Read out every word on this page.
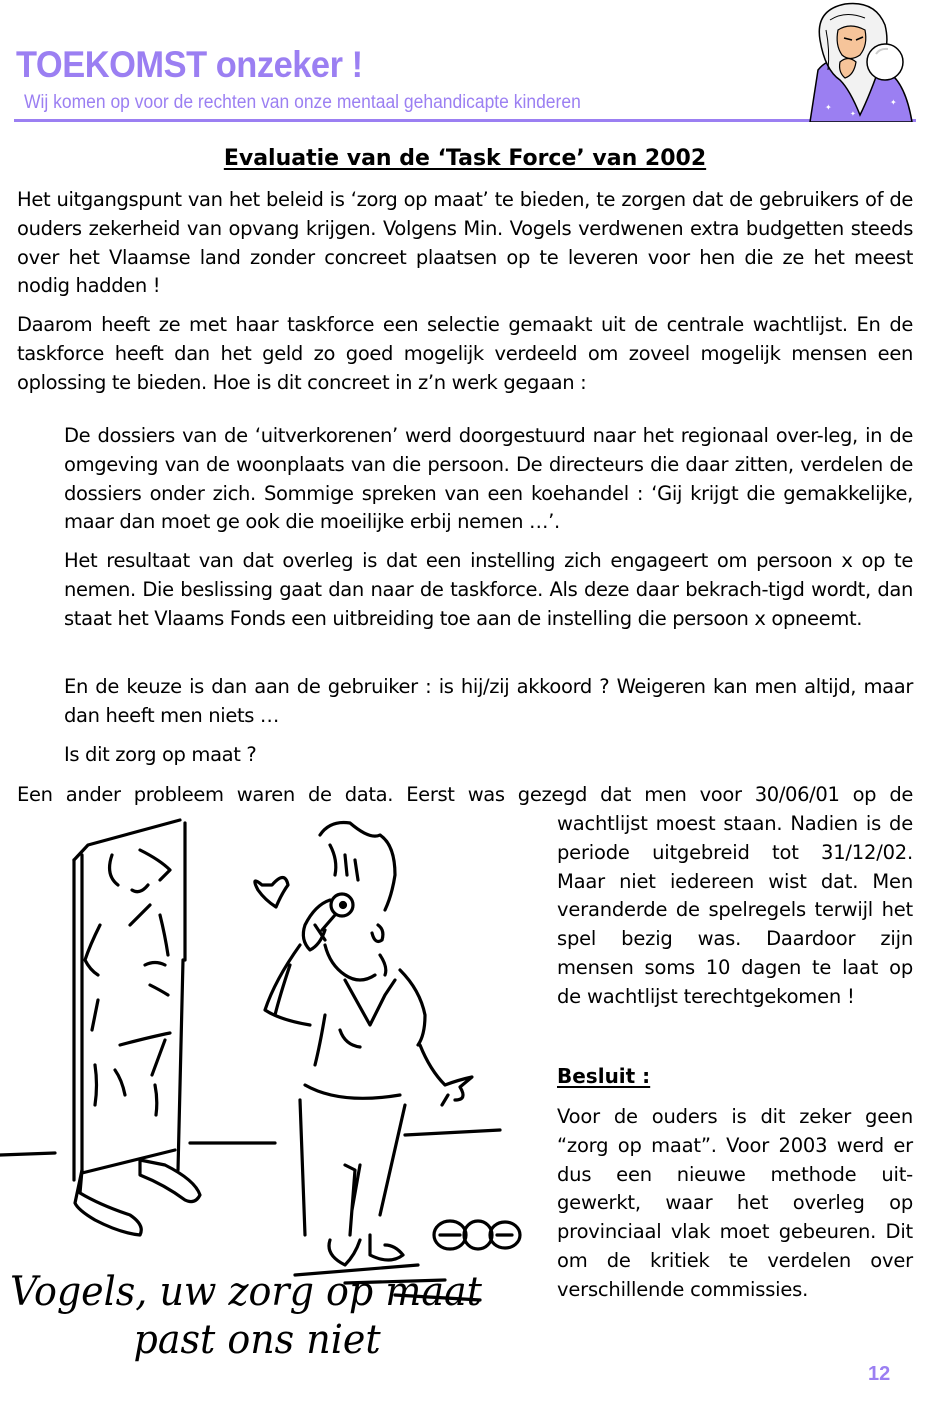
TOEKOMST onzeker !
Wij komen op voor de rechten van onze mentaal gehandicapte kinderen	✦
✦
✦
Evaluatie van de ‘Task Force’ van 2002

Het uitgangspunt van het beleid is ‘zorg op maat’ te bieden, te zorgen dat de gebruikers of de ouders zekerheid van opvang krijgen. Volgens Min. Vogels verdwenen extra budgetten steeds over het Vlaamse land zonder concreet plaatsen op te leveren voor hen die ze het meest nodig hadden !

Daarom heeft ze met haar taskforce een selectie gemaakt uit de centrale wachtlijst. En de taskforce heeft dan het geld zo goed mogelijk verdeeld om zoveel mogelijk mensen een oplossing te bieden. Hoe is dit concreet in z’n werk gegaan :

De dossiers van de ‘uitverkorenen’ werd doorgestuurd naar het regionaal over-leg, in de omgeving van de woonplaats van die persoon. De directeurs die daar zitten, verdelen de dossiers onder zich. Sommige spreken van een koehandel : ‘Gij krijgt die gemakkelijke, maar dan moet ge ook die moeilijke erbij nemen …’.

Het resultaat van dat overleg is dat een instelling zich engageert om persoon x op te nemen. Die beslissing gaat dan naar de taskforce. Als deze daar bekrach-tigd wordt, dan staat het Vlaams Fonds een uitbreiding toe aan de instelling die persoon x opneemt.

En de keuze is dan aan de gebruiker : is hij/zij akkoord ? Weigeren kan men altijd, maar dan heeft men niets …

Is dit zorg op maat ?

Een ander probleem waren de data. Eerst was gezegd dat men voor 30/06/01 op de

wachtlijst moest staan. Nadien is de periode uitgebreid tot 31/12/02. Maar niet iedereen wist dat. Men veranderde de spelregels terwijl het spel bezig was. Daardoor zijn mensen soms 10 dagen te laat op de wachtlijst terechtgekomen !

Besluit :

Voor de ouders is dit zeker geen “zorg op maat”. Voor 2003 werd er dus een nieuwe methode uit-gewerkt, waar het overleg op provinciaal vlak moet gebeuren. Dit om de kritiek te verdelen over verschillende commissies.

Vogels, uw zorg op maat
past ons niet
12
